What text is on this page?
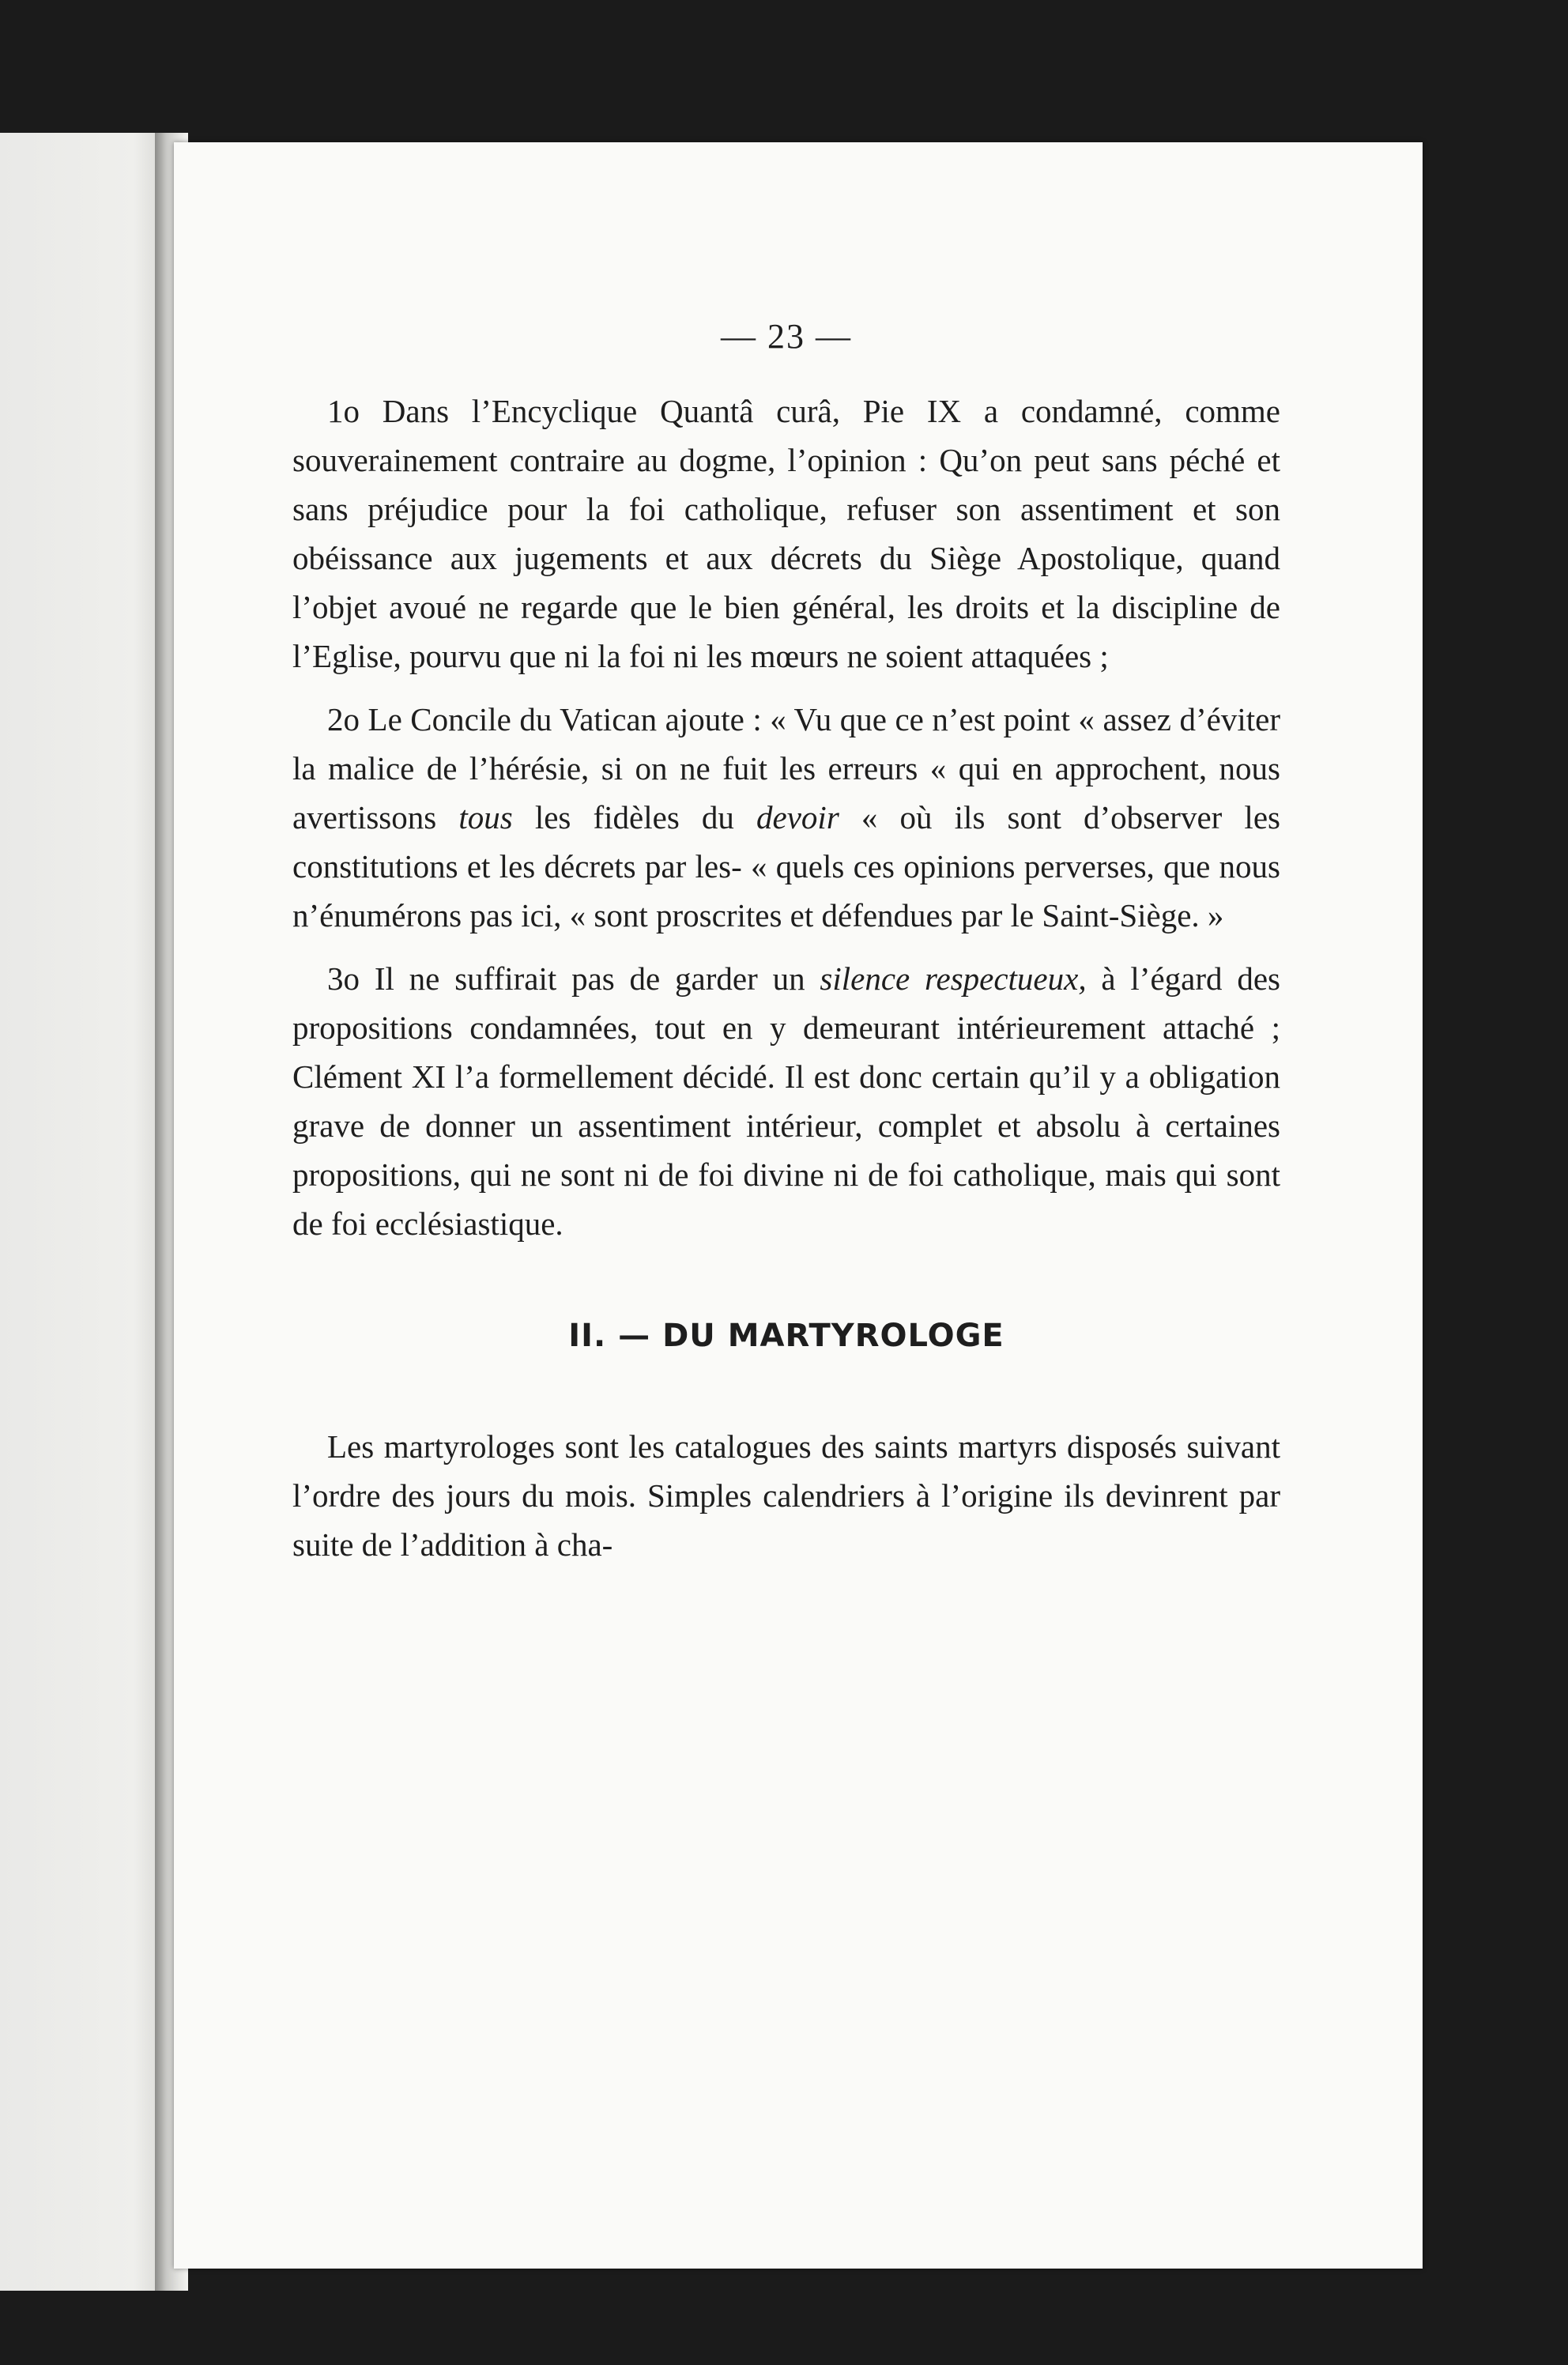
— 23 —

1o Dans l’Encyclique Quantâ curâ, Pie IX a condamné, comme souverainement contraire au dogme, l’opinion : Qu’on peut sans péché et sans préjudice pour la foi catholique, refuser son assentiment et son obéissance aux jugements et aux décrets du Siège Apostolique, quand l’objet avoué ne regarde que le bien général, les droits et la discipline de l’Eglise, pourvu que ni la foi ni les mœurs ne soient attaquées ;

2o Le Concile du Vatican ajoute : « Vu que ce n’est point « assez d’éviter la malice de l’hérésie, si on ne fuit les erreurs « qui en approchent, nous avertissons tous les fidèles du devoir « où ils sont d’observer les constitutions et les décrets par les- « quels ces opinions perverses, que nous n’énumérons pas ici, « sont proscrites et défendues par le Saint-Siège. »

3o Il ne suffirait pas de garder un silence respectueux, à l’égard des propositions condamnées, tout en y demeurant intérieurement attaché ; Clément XI l’a formellement décidé. Il est donc certain qu’il y a obligation grave de donner un assentiment intérieur, complet et absolu à certaines propositions, qui ne sont ni de foi divine ni de foi catholique, mais qui sont de foi ecclésiastique.

II. — DU MARTYROLOGE

Les martyrologes sont les catalogues des saints martyrs disposés suivant l’ordre des jours du mois. Simples calendriers à l’origine ils devinrent par suite de l’addition à cha-
